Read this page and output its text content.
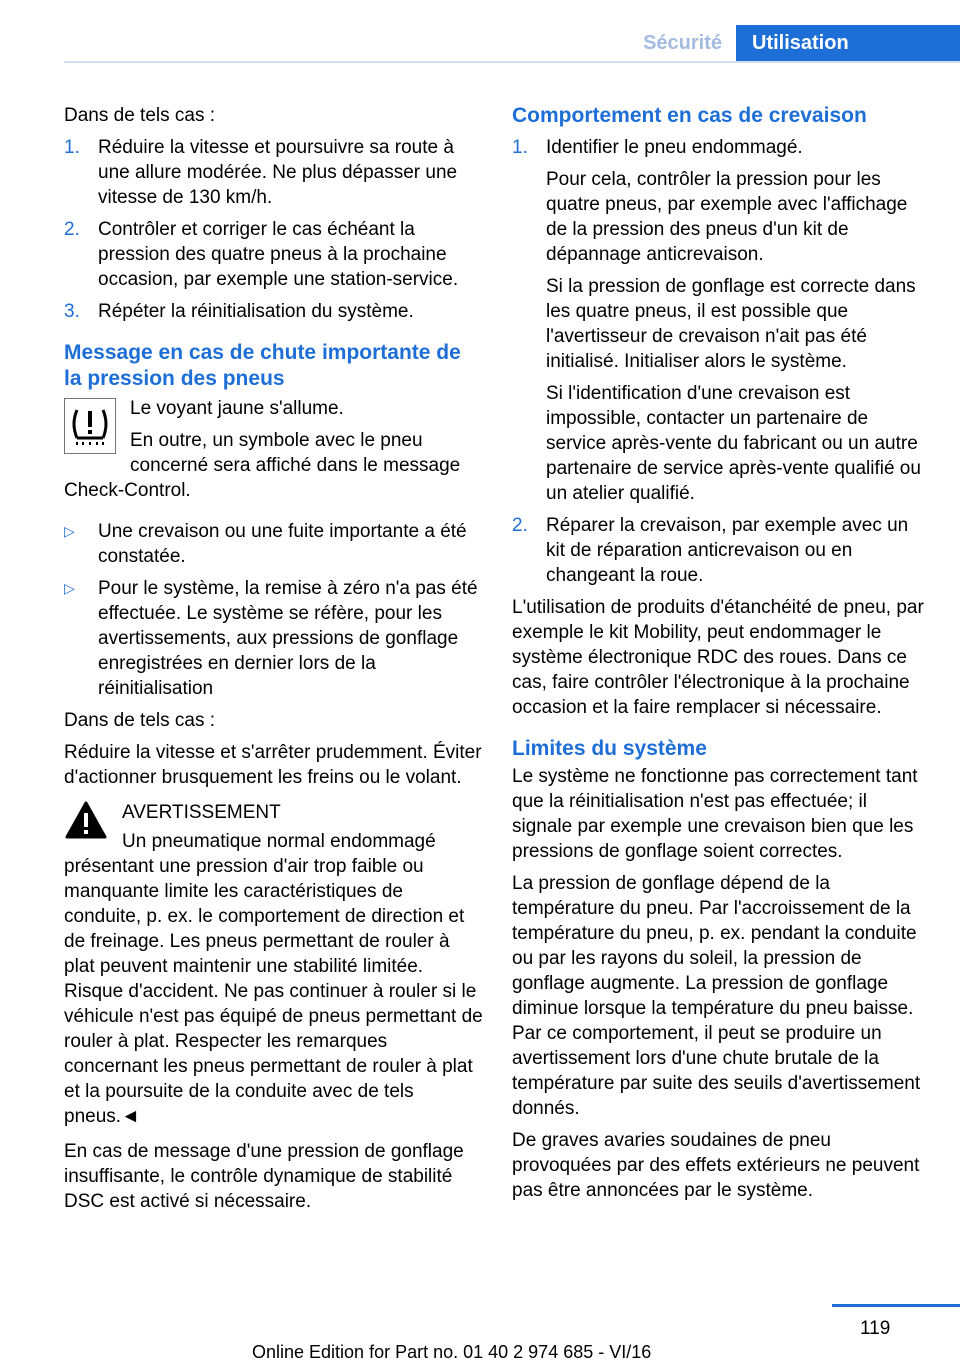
Sécurité	Utilisation

Dans de tels cas :

1. Réduire la vitesse et poursuivre sa route à une allure modérée. Ne plus dépasser une vitesse de 130 km/h.
2. Contrôler et corriger le cas échéant la pression des quatre pneus à la prochaine occasion, par exemple une station-service.
3. Répéter la réinitialisation du système.
Message en cas de chute importante de la pression des pneus

Le voyant jaune s'allume.

En outre, un symbole avec le pneu concerné sera affiché dans le message Check-Control.

▷	Une crevaison ou une fuite importante a été constatée.
▷	Pour le système, la remise à zéro n'a pas été effectuée. Le système se réfère, pour les avertissements, aux pressions de gonflage enregistrées en dernier lors de la réinitialisation

Dans de tels cas :

Réduire la vitesse et s'arrêter prudemment. Éviter d'actionner brusquement les freins ou le volant.

AVERTISSEMENT

Un pneumatique normal endommagé présentant une pression d'air trop faible ou manquante limite les caractéristiques de conduite, p. ex. le comportement de direction et de freinage. Les pneus permettant de rouler à plat peuvent maintenir une stabilité limitée. Risque d'accident. Ne pas continuer à rouler si le véhicule n'est pas équipé de pneus permettant de rouler à plat. Respecter les remarques concernant les pneus permettant de rouler à plat et la poursuite de la conduite avec de tels pneus.◄

En cas de message d'une pression de gonflage insuffisante, le contrôle dynamique de stabilité DSC est activé si nécessaire.

Comportement en cas de crevaison
1. Identifier le pneu endommagé.

Pour cela, contrôler la pression pour les quatre pneus, par exemple avec l'affichage de la pression des pneus d'un kit de dépannage anticrevaison.

Si la pression de gonflage est correcte dans les quatre pneus, il est possible que l'avertisseur de crevaison n'ait pas été initialisé. Initialiser alors le système.

Si l'identification d'une crevaison est impossible, contacter un partenaire de service après-vente du fabricant ou un autre partenaire de service après-vente qualifié ou un atelier qualifié.

2. Réparer la crevaison, par exemple avec un kit de réparation anticrevaison ou en changeant la roue.

L'utilisation de produits d'étanchéité de pneu, par exemple le kit Mobility, peut endommager le système électronique RDC des roues. Dans ce cas, faire contrôler l'électronique à la prochaine occasion et la faire remplacer si nécessaire.

Limites du système

Le système ne fonctionne pas correctement tant que la réinitialisation n'est pas effectuée; il signale par exemple une crevaison bien que les pressions de gonflage soient correctes.

La pression de gonflage dépend de la température du pneu. Par l'accroissement de la température du pneu, p. ex. pendant la conduite ou par les rayons du soleil, la pression de gonflage augmente. La pression de gonflage diminue lorsque la température du pneu baisse. Par ce comportement, il peut se produire un avertissement lors d'une chute brutale de la température par suite des seuils d'avertissement donnés.

De graves avaries soudaines de pneu provoquées par des effets extérieurs ne peuvent pas être annoncées par le système.

119
Online Edition for Part no. 01 40 2 974 685 - VI/16
